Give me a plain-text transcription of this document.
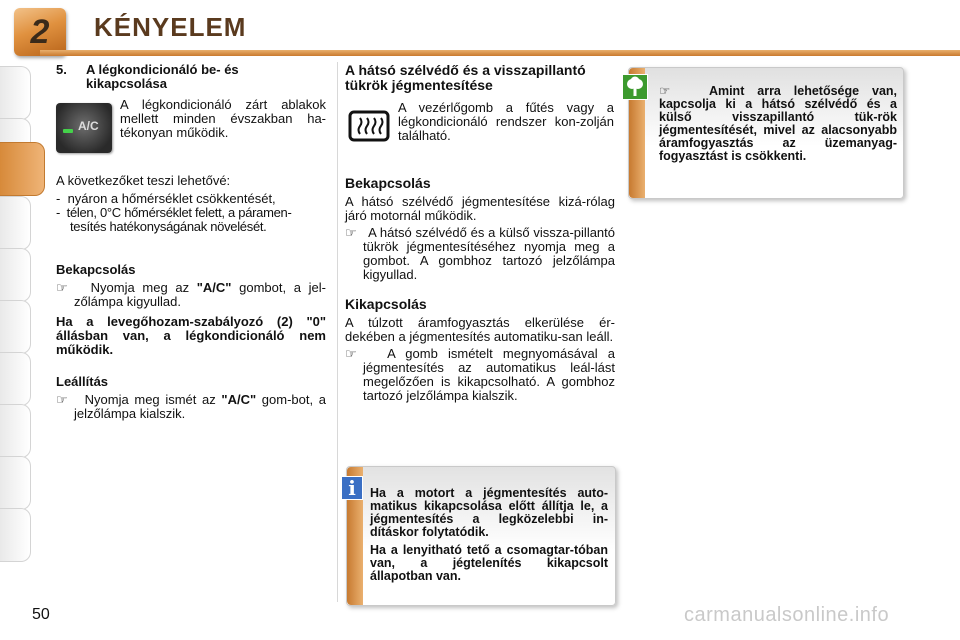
2 KÉNYELEM
5.	A légkondicionáló be- és kikapcsolása
A/C
A légkondicionáló zárt ablakok mellett minden évszakban ha-tékonyan működik.

A következőket teszi lehetővé:

-  nyáron a hőmérséklet csökkentését,

-  télen, 0°C hőmérséklet felett, a páramen-tesítés hatékonyságának növelését.

Bekapcsolás

☞ Nyomja meg az "A/C" gombot, a jel-zőlámpa kigyullad.

Ha a levegőhozam-szabályozó (2) "0" állásban van, a légkondicionáló nem működik.

Leállítás

☞ Nyomja meg ismét az "A/C" gom-bot, a jelzőlámpa kialszik.

A hátsó szélvédő és a visszapillantó tükrök jégmentesítése
A vezérlőgomb a fűtés vagy a légkondicionáló rendszer kon-zolján található.

Bekapcsolás

A hátsó szélvédő jégmentesítése kizá-rólag járó motornál működik.

☞ A hátsó szélvédő és a külső vissza-pillantó tükrök jégmentesítéséhez nyomja meg a gombot. A gombhoz tartozó jelzőlámpa kigyullad.

Kikapcsolás

A túlzott áramfogyasztás elkerülése ér-dekében a jégmentesítés automatiku-san leáll.

☞ A gomb ismételt megnyomásával a jégmentesítés az automatikus leál-lást megelőzően is kikapcsolható. A gombhoz tartozó jelzőlámpa kialszik.

i	Ha a motort a jégmentesítés auto-matikus kikapcsolása előtt állítja le, a jégmentesítés a legközelebbi in-dításkor folytatódik.

Ha a lenyitható tető a csomagtar-tóban van, a jégtelenítés kikapcsolt állapotban van.

☞	Amint arra lehetősége van, kapcsolja ki a hátsó szélvédő és a külső visszapillantó tük-rök jégmentesítését, mivel az alacsonyabb áramfogyasztás az üzemanyag-fogyasztást is csökkenti.
50	carmanualsonline.info
